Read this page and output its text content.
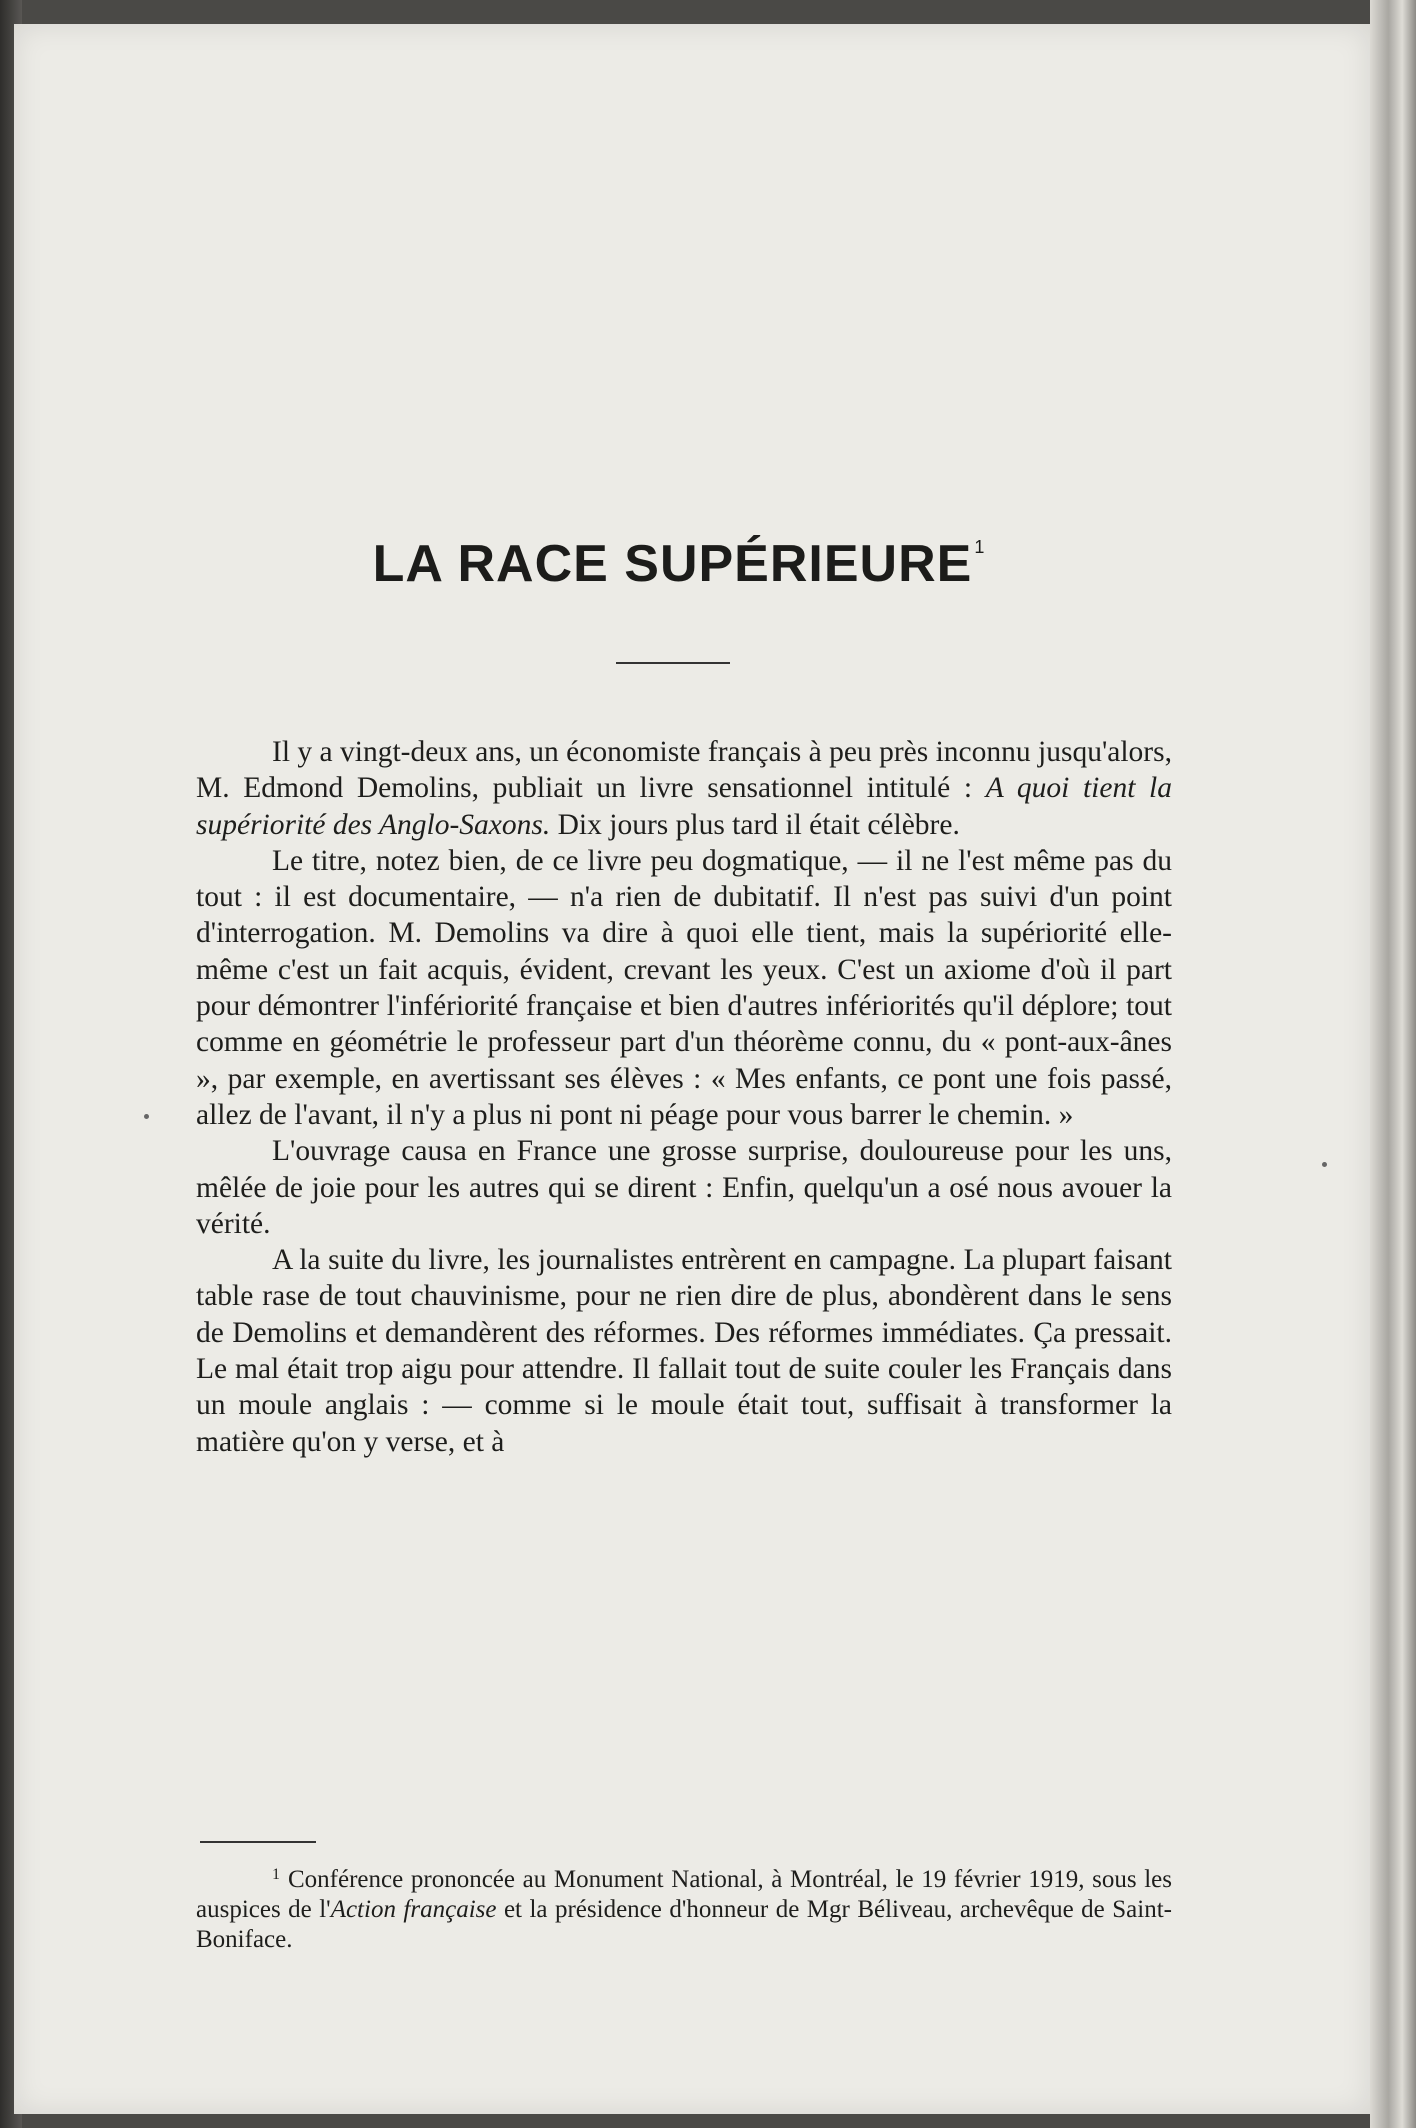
LA RACE SUPÉRIEURE $^1$

Il y a vingt-deux ans, un économiste français à peu près inconnu jusqu'alors, M. Edmond Demolins, publiait un livre sensationnel intitulé : A quoi tient la supériorité des Anglo-Saxons. Dix jours plus tard il était célèbre.

Le titre, notez bien, de ce livre peu dogmatique, — il ne l'est même pas du tout : il est documentaire, — n'a rien de dubitatif. Il n'est pas suivi d'un point d'interrogation. M. Demolins va dire à quoi elle tient, mais la supériorité elle-même c'est un fait acquis, évident, crevant les yeux. C'est un axiome d'où il part pour démontrer l'infériorité française et bien d'autres infériorités qu'il déplore; tout comme en géométrie le professeur part d'un théorème connu, du « pont-aux-ânes », par exemple, en avertissant ses élèves : « Mes enfants, ce pont une fois passé, allez de l'avant, il n'y a plus ni pont ni péage pour vous barrer le chemin. »

L'ouvrage causa en France une grosse surprise, douloureuse pour les uns, mêlée de joie pour les autres qui se dirent : Enfin, quelqu'un a osé nous avouer la vérité.

A la suite du livre, les journalistes entrèrent en campagne. La plupart faisant table rase de tout chauvinisme, pour ne rien dire de plus, abondèrent dans le sens de Demolins et demandèrent des réformes. Des réformes immédiates. Ça pressait. Le mal était trop aigu pour attendre. Il fallait tout de suite couler les Français dans un moule anglais : — comme si le moule était tout, suffisait à transformer la matière qu'on y verse, et à

$^1$ Conférence prononcée au Monument National, à Montréal, le 19 février 1919, sous les auspices de l'Action française et la présidence d'honneur de Mgr Béliveau, archevêque de Saint-Boniface.
